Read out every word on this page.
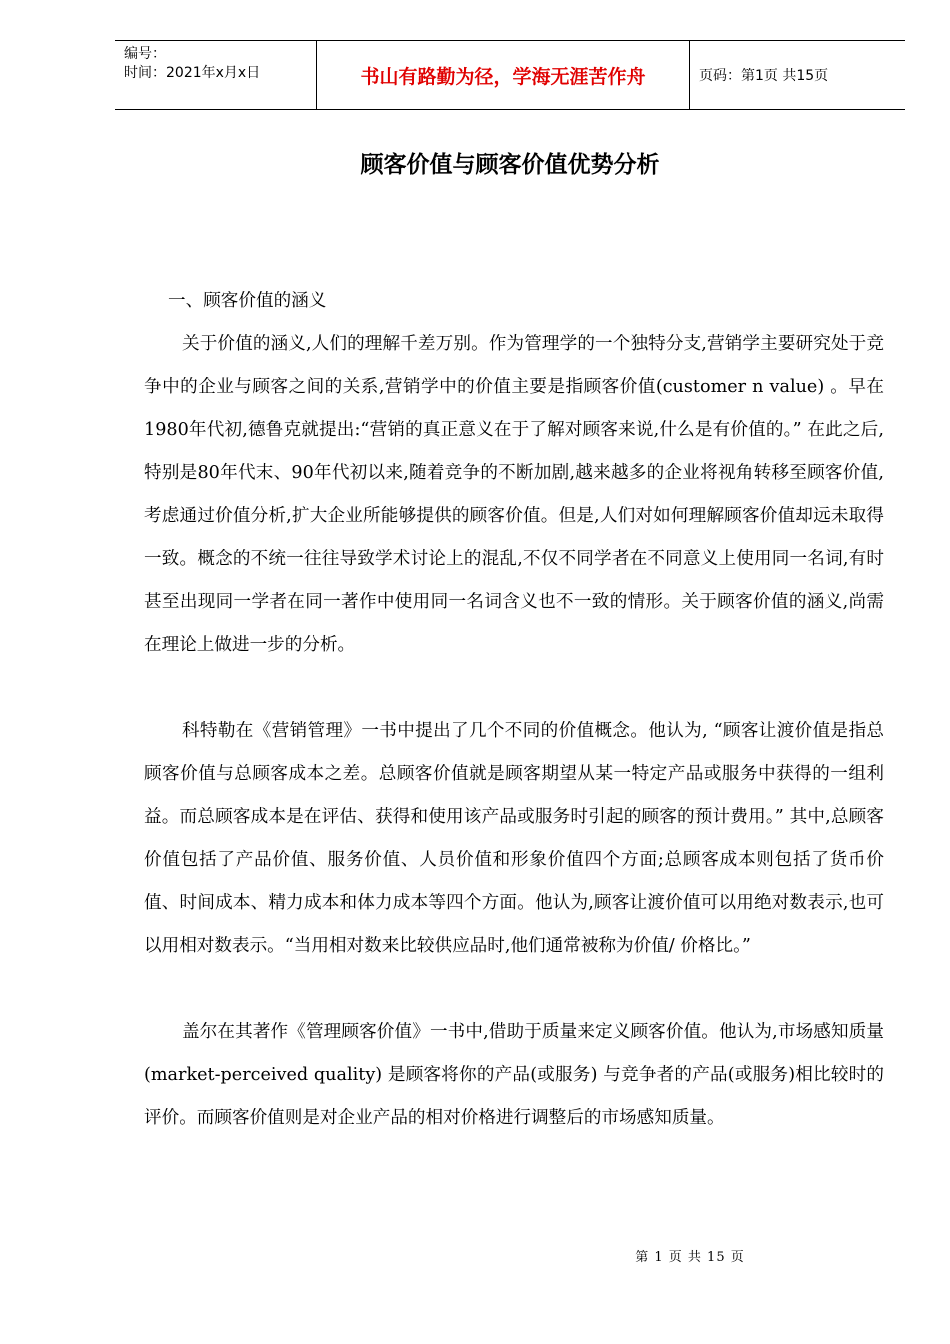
编号：
时间：2021年x月x日	书山有路勤为径，学海无涯苦作舟	页码：第1页 共15页
顾客价值与顾客价值优势分析

一、顾客价值的涵义

关于价值的涵义,人们的理解千差万别。作为管理学的一个独特分支,营销学主要研究处于竞争中的企业与顾客之间的关系,营销学中的价值主要是指顾客价值(customer n value) 。早在1980年代初,德鲁克就提出:“营销的真正意义在于了解对顾客来说,什么是有价值的。” 在此之后,特别是80年代末、90年代初以来,随着竞争的不断加剧,越来越多的企业将视角转移至顾客价值,考虑通过价值分析,扩大企业所能够提供的顾客价值。但是,人们对如何理解顾客价值却远未取得一致。概念的不统一往往导致学术讨论上的混乱,不仅不同学者在不同意义上使用同一名词,有时甚至出现同一学者在同一著作中使用同一名词含义也不一致的情形。关于顾客价值的涵义,尚需在理论上做进一步的分析。

科特勒在《营销管理》一书中提出了几个不同的价值概念。他认为, “顾客让渡价值是指总顾客价值与总顾客成本之差。总顾客价值就是顾客期望从某一特定产品或服务中获得的一组利益。而总顾客成本是在评估、获得和使用该产品或服务时引起的顾客的预计费用。” 其中,总顾客价值包括了产品价值、服务价值、人员价值和形象价值四个方面;总顾客成本则包括了货币价值、时间成本、精力成本和体力成本等四个方面。他认为,顾客让渡价值可以用绝对数表示,也可以用相对数表示。“当用相对数来比较供应品时,他们通常被称为价值/ 价格比。”

盖尔在其著作《管理顾客价值》一书中,借助于质量来定义顾客价值。他认为,市场感知质量(market-perceived quality) 是顾客将你的产品(或服务) 与竞争者的产品(或服务)相比较时的评价。而顾客价值则是对企业产品的相对价格进行调整后的市场感知质量。

第 1 页 共 15 页
